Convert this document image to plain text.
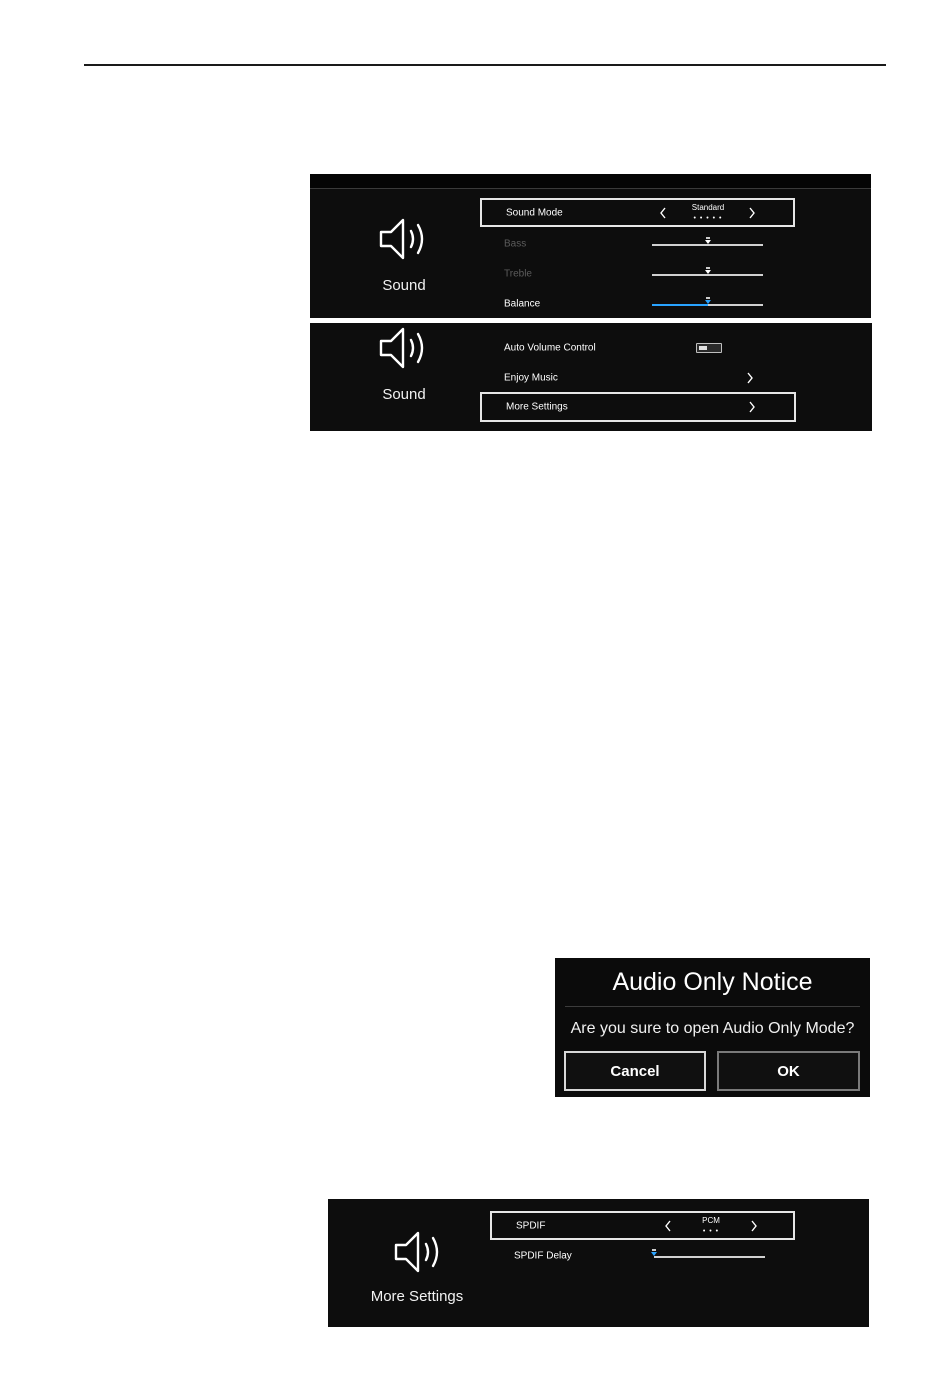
Sound
Sound Mode	Standard
• • • • •
Bass
Treble
Balance
Sound
Auto Volume Control
Enjoy Music
More Settings
Audio Only Notice
Are you sure to open Audio Only Mode?
Cancel	OK
More Settings
SPDIF	PCM
• • •
SPDIF Delay
